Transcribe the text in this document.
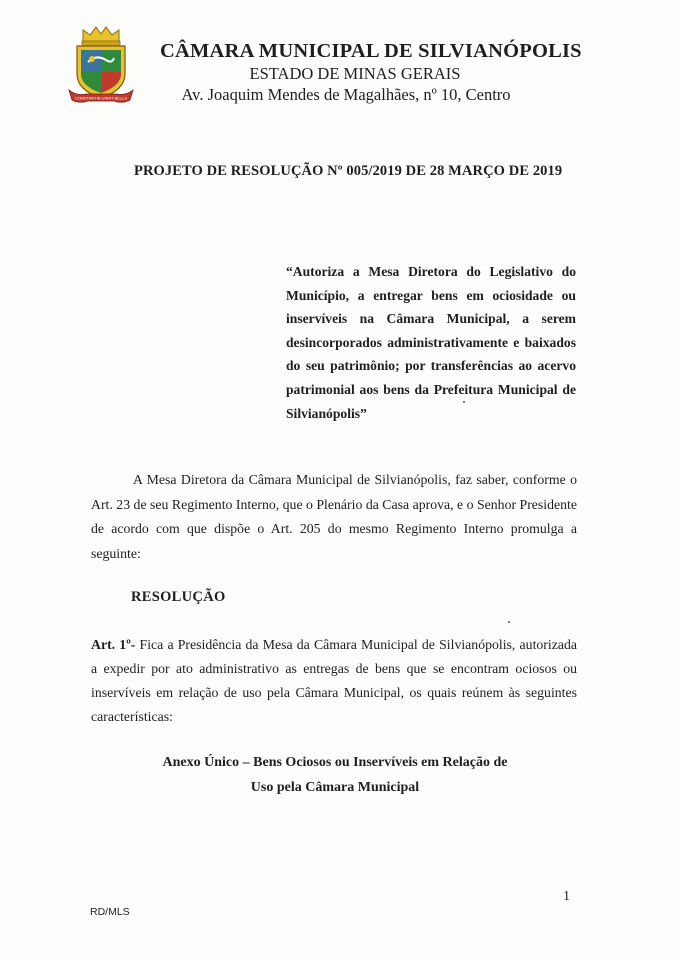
CONSTANTIA UNDIT BELLA
CÂMARA MUNICIPAL DE SILVIANÓPOLIS
ESTADO DE MINAS GERAIS
Av. Joaquim Mendes de Magalhães, nº 10, Centro
PROJETO DE RESOLUÇÃO Nº 005/2019 DE 28 MARÇO DE 2019
“Autoriza a Mesa Diretora do Legislativo do Município, a entregar bens em ociosidade ou inservíveis na Câmara Municipal, a serem desincorporados administrativamente e baixados do seu patrimônio; por transferências ao acervo patrimonial aos bens da Prefeitura Municipal de Silvianópolis”
A Mesa Diretora da Câmara Municipal de Silvianópolis, faz saber, conforme o Art. 23 de seu Regimento Interno, que o Plenário da Casa aprova, e o Senhor Presidente de acordo com que dispõe o Art. 205 do mesmo Regimento Interno promulga a seguinte:
RESOLUÇÃO
Art. 1º- Fica a Presidência da Mesa da Câmara Municipal de Silvianópolis, autorizada a expedir por ato administrativo as entregas de bens que se encontram ociosos ou inservíveis em relação de uso pela Câmara Municipal, os quais reúnem às seguintes características:
Anexo Único – Bens Ociosos ou Inservíveis em Relação de
Uso pela Câmara Municipal
1
RD/MLS
